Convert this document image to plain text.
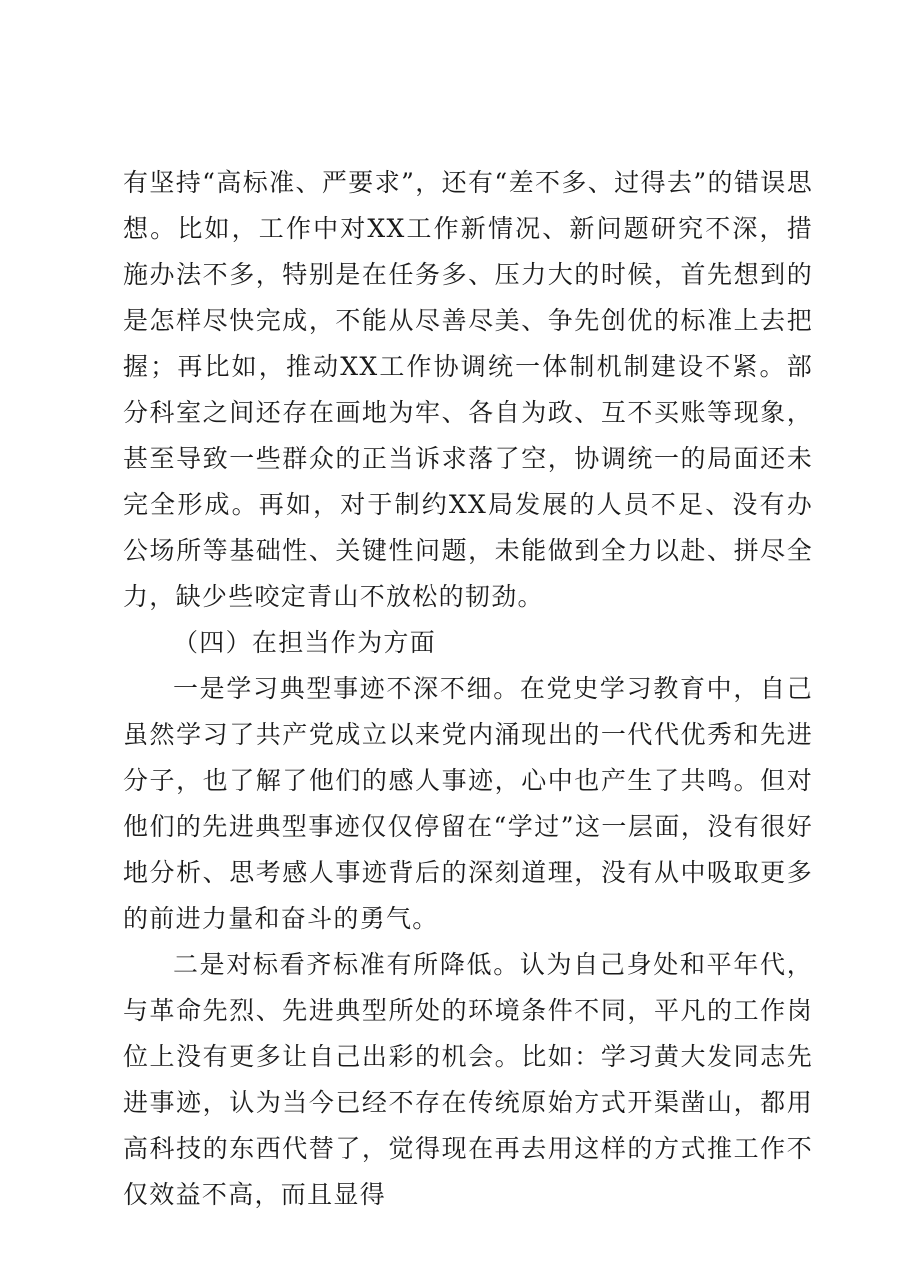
有坚持“高标准、严要求”，还有“差不多、过得去”的错误思想。比如，工作中对XX工作新情况、新问题研究不深，措施办法不多，特别是在任务多、压力大的时候，首先想到的是怎样尽快完成，不能从尽善尽美、争先创优的标准上去把握；再比如，推动XX工作协调统一体制机制建设不紧。部分科室之间还存在画地为牢、各自为政、互不买账等现象，甚至导致一些群众的正当诉求落了空，协调统一的局面还未完全形成。再如，对于制约XX局发展的人员不足、没有办公场所等基础性、关键性问题，未能做到全力以赴、拼尽全力，缺少些咬定青山不放松的韧劲。

（四）在担当作为方面

一是学习典型事迹不深不细。在党史学习教育中，自己虽然学习了共产党成立以来党内涌现出的一代代优秀和先进分子，也了解了他们的感人事迹，心中也产生了共鸣。但对他们的先进典型事迹仅仅停留在“学过”这一层面，没有很好地分析、思考感人事迹背后的深刻道理，没有从中吸取更多的前进力量和奋斗的勇气。

二是对标看齐标准有所降低。认为自己身处和平年代，与革命先烈、先进典型所处的环境条件不同，平凡的工作岗位上没有更多让自己出彩的机会。比如：学习黄大发同志先进事迹，认为当今已经不存在传统原始方式开渠凿山，都用高科技的东西代替了，觉得现在再去用这样的方式推工作不仅效益不高，而且显得
